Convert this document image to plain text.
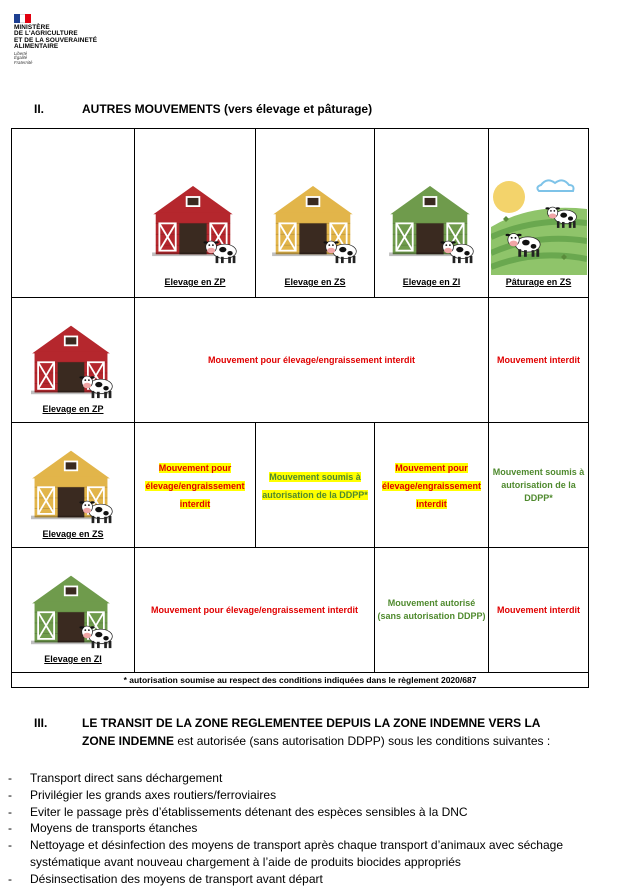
MINISTÈRE
DE L'AGRICULTURE
ET DE LA SOUVERAINETÉ
ALIMENTAIRE
Liberté
Égalité
Fraternité
II.	AUTRES MOUVEMENTS (vers élevage et pâturage)

	Elevage en ZP	Elevage en ZS	Elevage en ZI	Pâturage en ZS

Elevage en ZP	Mouvement pour élevage/engraissement interdit			Mouvement interdit

Elevage en ZS	Mouvement pour élevage/engraissement interdit	Mouvement soumis à autorisation de la DDPP*	Mouvement pour élevage/engraissement interdit	Mouvement soumis à autorisation de la DDPP*

Elevage en ZI	Mouvement pour élevage/engraissement interdit		Mouvement autorisé (sans autorisation DDPP)	Mouvement interdit
* autorisation soumise au respect des conditions indiquées dans le règlement 2020/687				
III.	LE TRANSIT DE LA ZONE REGLEMENTEE DEPUIS LA ZONE INDEMNE VERS LA ZONE INDEMNE est autorisée (sans autorisation DDPP) sous les conditions suivantes :
- Transport direct sans déchargement
- Privilégier les grands axes routiers/ferroviaires
- Eviter le passage près d’établissements détenant des espèces sensibles à la DNC
- Moyens de transports étanches
- Nettoyage et désinfection des moyens de transport après chaque transport d’animaux avec séchage systématique avant nouveau chargement à l’aide de produits biocides appropriés
- Désinsectisation des moyens de transport avant départ
